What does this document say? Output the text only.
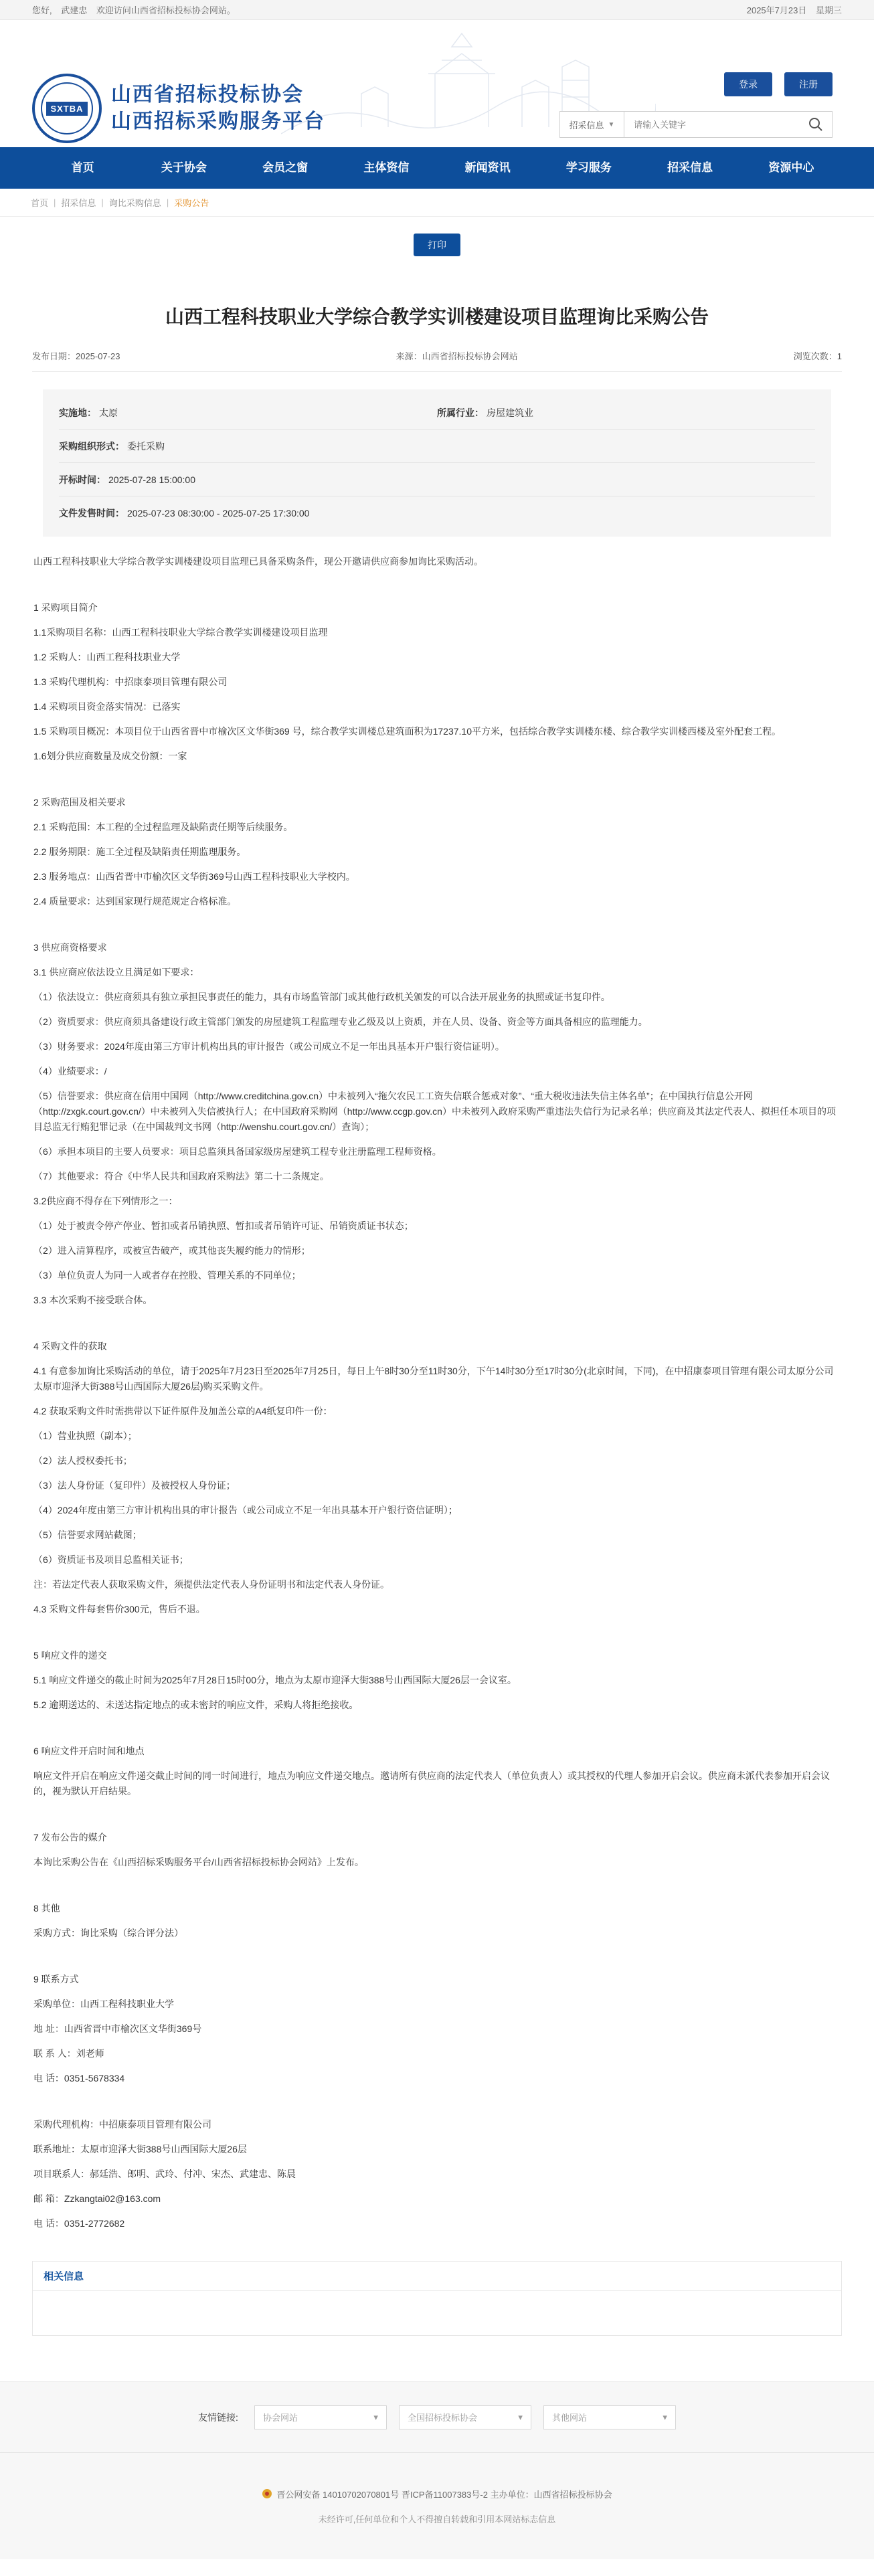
您好, 武建忠 欢迎访问山西省招标投标协会网站。	2025年7月23日 星期三
SXTBA
山西省招标投标协会
山西招标采购服务平台
登录	注册
招采信息 ▼
请输入关键字
首页	关于协会	会员之窗	主体资信	新闻资讯	学习服务	招采信息	资源中心
首页 | 招采信息 | 询比采购信息 | 采购公告
打印
山西工程科技职业大学综合教学实训楼建设项目监理询比采购公告
发布日期：2025-07-23	来源：山西省招标投标协会网站	浏览次数：1
实施地： 太原	所属行业： 房屋建筑业
采购组织形式： 委托采购
开标时间： 2025-07-28 15:00:00
文件发售时间： 2025-07-23 08:30:00 - 2025-07-25 17:30:00

山西工程科技职业大学综合教学实训楼建设项目监理已具备采购条件，现公开邀请供应商参加询比采购活动。

1 采购项目简介

1.1采购项目名称：山西工程科技职业大学综合教学实训楼建设项目监理

1.2 采购人：山西工程科技职业大学

1.3 采购代理机构：中招康泰项目管理有限公司

1.4 采购项目资金落实情况：已落实

1.5 采购项目概况：本项目位于山西省晋中市榆次区文华街369 号，综合教学实训楼总建筑面积为17237.10平方米，包括综合教学实训楼东楼、综合教学实训楼西楼及室外配套工程。

1.6划分供应商数量及成交份额：一家

2 采购范围及相关要求

2.1 采购范围：本工程的全过程监理及缺陷责任期等后续服务。

2.2 服务期限：施工全过程及缺陷责任期监理服务。

2.3 服务地点：山西省晋中市榆次区文华街369号山西工程科技职业大学校内。

2.4 质量要求：达到国家现行规范规定合格标准。

3 供应商资格要求

3.1 供应商应依法设立且满足如下要求：

（1）依法设立：供应商须具有独立承担民事责任的能力，具有市场监管部门或其他行政机关颁发的可以合法开展业务的执照或证书复印件。

（2）资质要求：供应商须具备建设行政主管部门颁发的房屋建筑工程监理专业乙级及以上资质，并在人员、设备、资金等方面具备相应的监理能力。

（3）财务要求：2024年度由第三方审计机构出具的审计报告（或公司成立不足一年出具基本开户银行资信证明）。

（4）业绩要求：/

（5）信誉要求：供应商在信用中国网（http://www.creditchina.gov.cn）中未被列入“拖欠农民工工资失信联合惩戒对象”、“重大税收违法失信主体名单”；在中国执行信息公开网（http://zxgk.court.gov.cn/）中未被列入失信被执行人；在中国政府采购网（http://www.ccgp.gov.cn）中未被列入政府采购严重违法失信行为记录名单；供应商及其法定代表人、拟担任本项目的项目总监无行贿犯罪记录（在中国裁判文书网（http://wenshu.court.gov.cn/）查询）；

（6）承担本项目的主要人员要求：项目总监须具备国家级房屋建筑工程专业注册监理工程师资格。

（7）其他要求：符合《中华人民共和国政府采购法》第二十二条规定。

3.2供应商不得存在下列情形之一：

（1）处于被责令停产停业、暂扣或者吊销执照、暂扣或者吊销许可证、吊销资质证书状态；

（2）进入清算程序，或被宣告破产，或其他丧失履约能力的情形；

（3）单位负责人为同一人或者存在控股、管理关系的不同单位；

3.3 本次采购不接受联合体。

4 采购文件的获取

4.1 有意参加询比采购活动的单位，请于2025年7月23日至2025年7月25日，每日上午8时30分至11时30分，下午14时30分至17时30分(北京时间，下同)，在中招康泰项目管理有限公司太原分公司太原市迎泽大街388号山西国际大厦26层)购买采购文件。

4.2 获取采购文件时需携带以下证件原件及加盖公章的A4纸复印件一份：

（1）营业执照（副本）；

（2）法人授权委托书；

（3）法人身份证（复印件）及被授权人身份证；

（4）2024年度由第三方审计机构出具的审计报告（或公司成立不足一年出具基本开户银行资信证明）；

（5）信誉要求网站截图；

（6）资质证书及项目总监相关证书；

注：若法定代表人获取采购文件，须提供法定代表人身份证明书和法定代表人身份证。

4.3 采购文件每套售价300元，售后不退。

5 响应文件的递交

5.1 响应文件递交的截止时间为2025年7月28日15时00分，地点为太原市迎泽大街388号山西国际大厦26层一会议室。

5.2 逾期送达的、未送达指定地点的或未密封的响应文件，采购人将拒绝接收。

6 响应文件开启时间和地点

响应文件开启在响应文件递交截止时间的同一时间进行，地点为响应文件递交地点。邀请所有供应商的法定代表人（单位负责人）或其授权的代理人参加开启会议。供应商未派代表参加开启会议的，视为默认开启结果。

7 发布公告的媒介

本询比采购公告在《山西招标采购服务平台/山西省招标投标协会网站》上发布。

8 其他

采购方式：询比采购（综合评分法）

9 联系方式

采购单位：山西工程科技职业大学

地 址：山西省晋中市榆次区文华街369号

联 系 人：刘老师

电 话：0351-5678334

采购代理机构：中招康泰项目管理有限公司

联系地址：太原市迎泽大街388号山西国际大厦26层

项目联系人：郝廷浩、郎明、武玲、付冲、宋杰、武建忠、陈晨

邮 箱：Zzkangtai02@163.com

电 话：0351-2772682

相关信息
友情链接:	协会网站	▾	全国招标投标协会	▾	其他网站	▾
晋公网安备 14010702070801号 晋ICP备11007383号-2 主办单位：山西省招标投标协会
未经许可,任何单位和个人不得擅自转载和引用本网站标志信息
